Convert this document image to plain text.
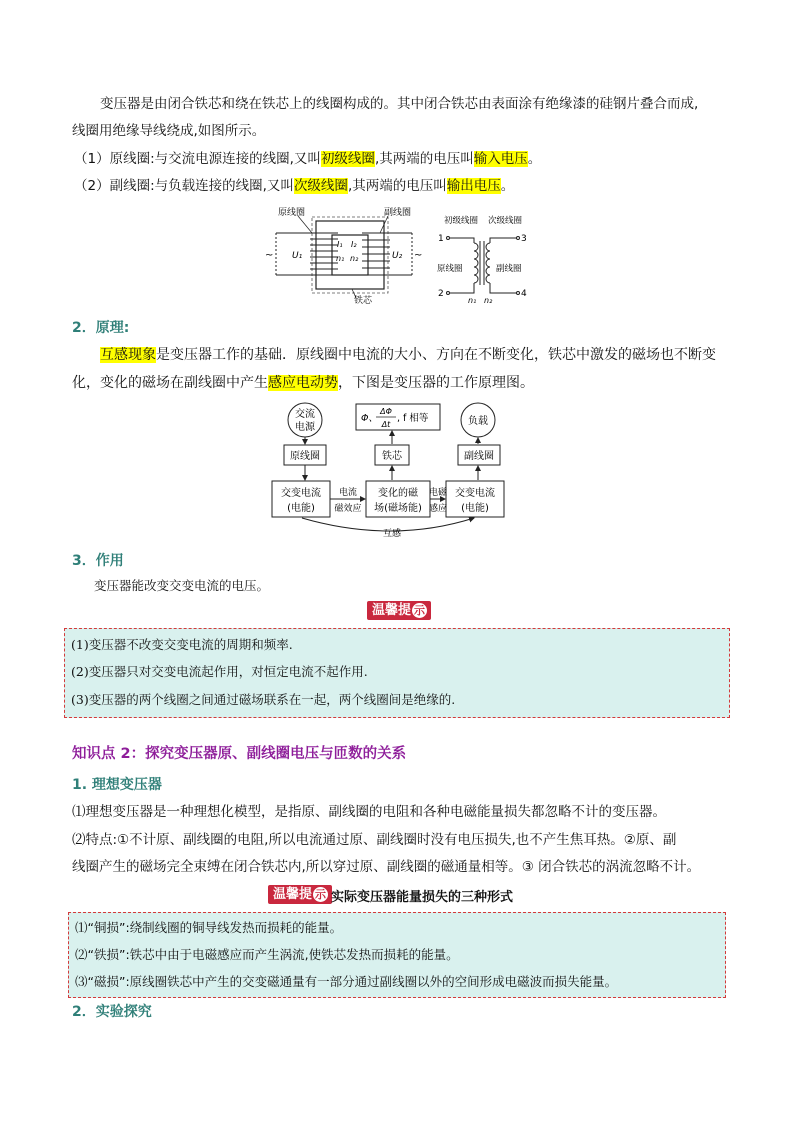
变压器是由闭合铁芯和绕在铁芯上的线圈构成的。其中闭合铁芯由表面涂有绝缘漆的硅钢片叠合而成,
线圈用绝缘导线绕成,如图所示。
（1）原线圈:与交流电源连接的线圈,又叫初级线圈,其两端的电压叫输入电压。
（2）副线圈:与负载连接的线圈,又叫次级线圈,其两端的电压叫输出电压。
原线圈	副线圈
铁芯
I₁ I₂
n₁ n₂
U₁	U₂
~	~
初级线圈 次级线圈
1
2
3
4
原线圈	副线圈
n₁ n₂
2．原理:
互感现象是变压器工作的基础．原线圈中电流的大小、方向在不断变化，铁芯中激发的磁场也不断变
化，变化的磁场在副线圈中产生感应电动势，下图是变压器的工作原理图。
交流
电源
负载
Φ、
ΔΦ
Δt
, f 相等
原线圈	铁芯	副线圈
交变电流
(电能)
变化的磁
场(磁场能)
交变电流
(电能)
电流
磁效应
电磁
感应
互感
3．作用
变压器能改变交变电流的电压。
温馨提 示
(1)变压器不改变交变电流的周期和频率.
(2)变压器只对交变电流起作用，对恒定电流不起作用.
(3)变压器的两个线圈之间通过磁场联系在一起，两个线圈间是绝缘的.
知识点 2：探究变压器原、副线圈电压与匝数的关系
1. 理想变压器
⑴理想变压器是一种理想化模型，是指原、副线圈的电阻和各种电磁能量损失都忽略不计的变压器。
⑵特点:①不计原、副线圈的电阻,所以电流通过原、副线圈时没有电压损失,也不产生焦耳热。②原、副
线圈产生的磁场完全束缚在闭合铁芯内,所以穿过原、副线圈的磁通量相等。③ 闭合铁芯的涡流忽略不计。
温馨提 示 实际变压器能量损失的三种形式
⑴“铜损”:绕制线圈的铜导线发热而损耗的能量。
⑵“铁损”:铁芯中由于电磁感应而产生涡流,使铁芯发热而损耗的能量。
⑶“磁损”:原线圈铁芯中产生的交变磁通量有一部分通过副线圈以外的空间形成电磁波而损失能量。
2．实验探究
